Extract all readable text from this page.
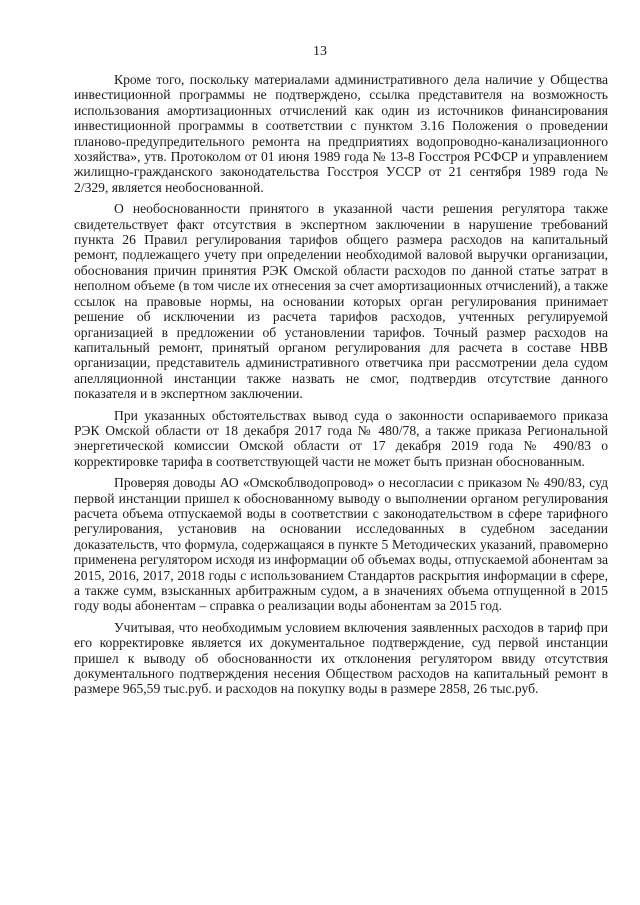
13

Кроме того, поскольку материалами административного дела наличие у Общества инвестиционной программы не подтверждено, ссылка представителя на возможность использования амортизационных отчислений как один из источников финансирования инвестиционной программы в соответствии с пунктом 3.16 Положения о проведении планово-предупредительного ремонта на предприятиях водопроводно-канализационного хозяйства», утв. Протоколом от 01 июня 1989 года № 13-8 Госстроя РСФСР и управлением жилищно-гражданского законодательства Госстроя УССР от 21 сентября 1989 года № 2/329, является необоснованной.

О необоснованности принятого в указанной части решения регулятора также свидетельствует факт отсутствия в экспертном заключении в нарушение требований пункта 26 Правил регулирования тарифов общего размера расходов на капитальный ремонт, подлежащего учету при определении необходимой валовой выручки организации, обоснования причин принятия РЭК Омской области расходов по данной статье затрат в неполном объеме (в том числе их отнесения за счет амортизационных отчислений), а также ссылок на правовые нормы, на основании которых орган регулирования принимает решение об исключении из расчета тарифов расходов, учтенных регулируемой организацией в предложении об установлении тарифов. Точный размер расходов на капитальный ремонт, принятый органом регулирования для расчета в составе НВВ организации, представитель административного ответчика при рассмотрении дела судом апелляционной инстанции также назвать не смог, подтвердив отсутствие данного показателя и в экспертном заключении.

При указанных обстоятельствах вывод суда о законности оспариваемого приказа РЭК Омской области от 18 декабря 2017 года № 480/78, а также приказа Региональной энергетической комиссии Омской области от 17 декабря 2019 года № 490/83 о корректировке тарифа в соответствующей части не может быть признан обоснованным.

Проверяя доводы АО «Омскоблводопровод» о несогласии с приказом № 490/83, суд первой инстанции пришел к обоснованному выводу о выполнении органом регулирования расчета объема отпускаемой воды в соответствии с законодательством в сфере тарифного регулирования, установив на основании исследованных в судебном заседании доказательств, что формула, содержащаяся в пункте 5 Методических указаний, правомерно применена регулятором исходя из информации об объемах воды, отпускаемой абонентам за 2015, 2016, 2017, 2018 годы с использованием Стандартов раскрытия информации в сфере, а также сумм, взысканных арбитражным судом, а в значениях объема отпущенной в 2015 году воды абонентам – справка о реализации воды абонентам за 2015 год.

Учитывая, что необходимым условием включения заявленных расходов в тариф при его корректировке является их документальное подтверждение, суд первой инстанции пришел к выводу об обоснованности их отклонения регулятором ввиду отсутствия документального подтверждения несения Обществом расходов на капитальный ремонт в размере 965,59 тыс.руб. и расходов на покупку воды в размере 2858, 26 тыс.руб.
